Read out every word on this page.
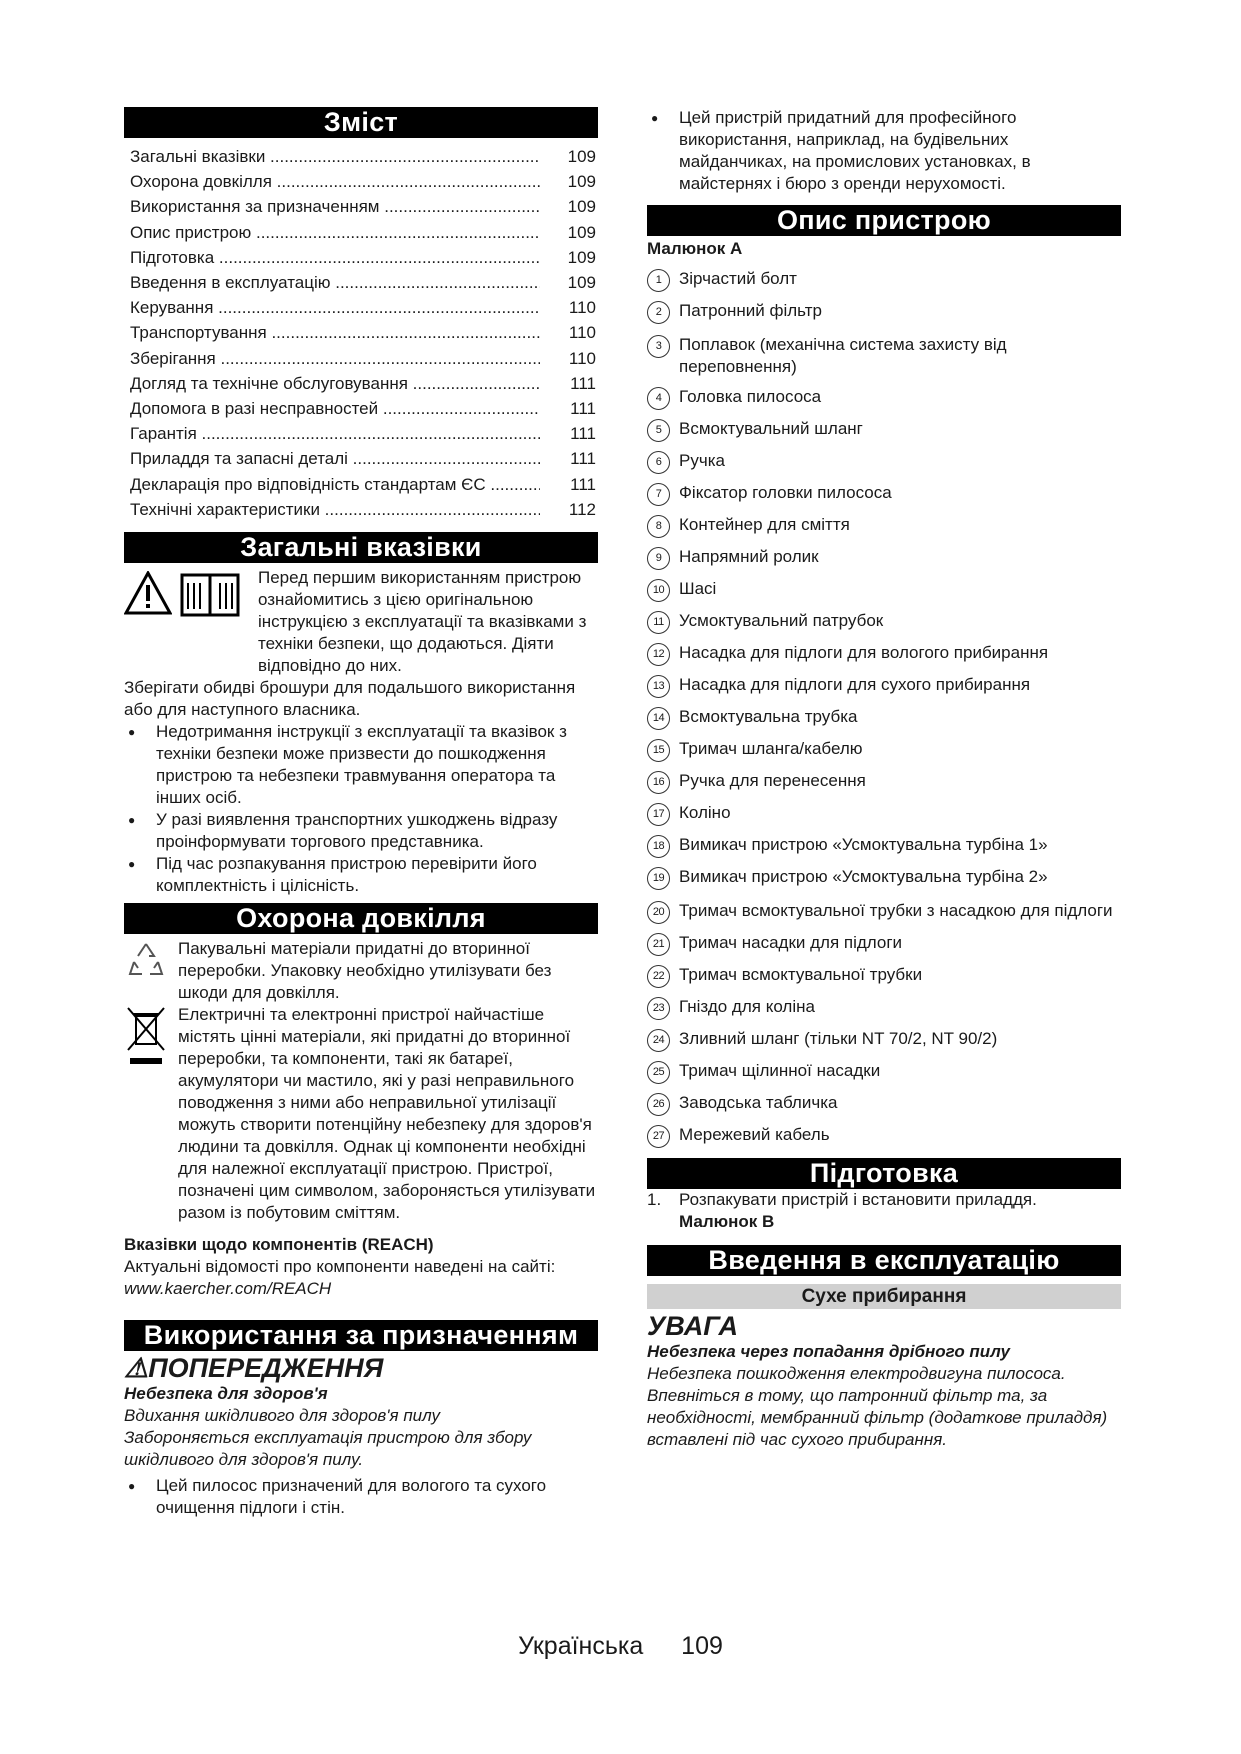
Зміст
Загальні вказівки .....	109
Охорона довкілля .....	109
Використання за призначенням .....	109
Опис пристрою .....	109
Підготовка .....	109
Введення в експлуатацію .....	109
Керування .....	110
Транспортування .....	110
Зберігання .....	110
Догляд та технічне обслуговування .....	111
Допомога в разі несправностей .....	111
Гарантія .....	111
Приладдя та запасні деталі .....	111
Декларація про відповідність стандартам ЄС .....	111
Технічні характеристики .....	112
Загальні вказівки

Перед першим використанням пристрою ознайомитись з цією оригінальною інструкцією з експлуатації та вказівками з техніки безпеки, що додаються. Діяти відповідно до них.

Зберігати обидві брошури для подальшого використання або для наступного власника.

● Недотримання інструкції з експлуатації та вказівок з техніки безпеки може призвести до пошкодження пристрою та небезпеки травмування оператора та інших осіб.
● У разі виявлення транспортних ушкоджень відразу проінформувати торгового представника.
● Під час розпакування пристрою перевірити його комплектність і цілісність.
Охорона довкілля
Пакувальні матеріали придатні до вторинної переробки. Упаковку необхідно утилізувати без шкоди для довкілля.
Електричні та електронні пристрої найчастіше містять цінні матеріали, які придатні до вторинної переробки, та компоненти, такі як батареї, акумулятори чи мастило, які у разі неправильного поводження з ними або неправильної утилізації можуть створити потенційну небезпеку для здоров'я людини та довкілля. Однак ці компоненти необхідні для належної експлуатації пристрою. Пристрої, позначені цим символом, заборонясться утилізувати разом із побутовим сміттям.
Вказівки щодо компонентів (REACH)

Актуальні відомості про компоненти наведені на сайті: www.kaercher.com/REACH

Використання за призначенням
⚠ПОПЕРЕДЖЕННЯ
Небезпека для здоров'я
Вдихання шкідливого для здоров'я пилу
Забороняється експлуатація пристрою для збору шкідливого для здоров'я пилу.
● Цей пилосос призначений для вологого та сухого очищення підлоги і стін.
● Цей пристрій придатний для професійного використання, наприклад, на будівельних майданчиках, на промислових установках, в майстернях і бюро з оренди нерухомості.
Опис пристрою
Малюнок A
1	Зірчастий болт
2	Патронний фільтр
3	Поплавок (механічна система захисту від переповнення)
4	Головка пилососа
5	Всмоктувальний шланг
6	Ручка
7	Фіксатор головки пилососа
8	Контейнер для сміття
9	Напрямний ролик
10 Шасі
11 Усмоктувальний патрубок
12 Насадка для підлоги для вологого прибирання
13 Насадка для підлоги для сухого прибирання
14 Всмоктувальна трубка
15 Тримач шланга/кабелю
16 Ручка для перенесення
17 Коліно
18 Вимикач пристрою «Усмоктувальна турбіна 1»
19 Вимикач пристрою «Усмоктувальна турбіна 2»
20 Тримач всмоктувальної трубки з насадкою для підлоги
21 Тримач насадки для підлоги
22 Тримач всмоктувальної трубки
23 Гніздо для коліна
24 Зливний шланг (тільки NT 70/2, NT 90/2)
25 Тримач щілинної насадки
26 Заводська табличка
27 Мережевий кабель
Підготовка
1.	Розпакувати пристрій і встановити приладдя.
Малюнок B
Введення в експлуатацію
Сухе прибирання
УВАГА
Небезпека через попадання дрібного пилу
Небезпека пошкодження електродвигуна пилососа.
Впевніться в тому, що патронний фільтр та, за необхідності, мембранний фільтр (додаткове приладдя) вставлені під час сухого прибирання.
Українська 109
